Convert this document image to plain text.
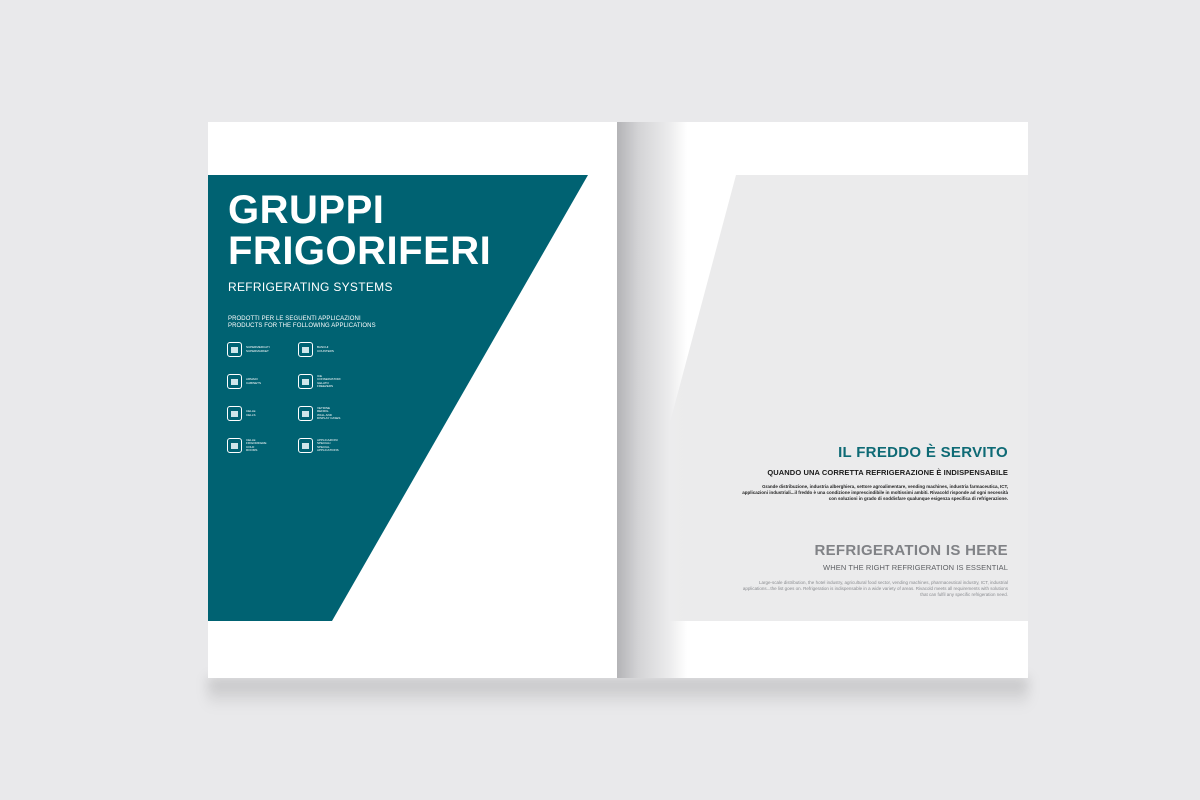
GRUPPI
FRIGORIFERI
REFRIGERATING SYSTEMS
PRODOTTI PER LE SEGUENTI APPLICAZIONI
PRODUCTS FOR THE FOLLOWING APPLICATIONS
SUPERMERCATI
SUPERMARKET
BANCHI
COUNTERS
ARMADI
CABINETS
ICE
CONSERVATORI
GELATO
FREEZERS
CELLE
CELLS
VETRINE
REFRIG.
WALL AND
DISPLAY CASES
CELLE
FRIGORIFERE
COLD
ROOMS
APPLICAZIONI
SPECIALI
SPECIAL
APPLICATIONS	IL FREDDO È SERVITO
QUANDO UNA CORRETTA REFRIGERAZIONE È INDISPENSABILE
Grande distribuzione, industria alberghiera, settore agroalimentare, vending machines, industria farmaceutica, ICT, applicazioni industriali...il freddo è una condizione imprescindibile in moltissimi ambiti. Rivacold risponde ad ogni necessità con soluzioni in grado di soddisfare qualunque esigenza specifica di refrigerazione.
REFRIGERATION IS HERE
WHEN THE RIGHT REFRIGERATION IS ESSENTIAL
Large-scale distribution, the hotel industry, agricultural food sector, vending machines, pharmaceutical industry, ICT, industrial applications...the list goes on. Refrigeration is indispensable in a wide variety of areas. Rivacold meets all requirements with solutions that can fulfil any specific refrigeration need.
